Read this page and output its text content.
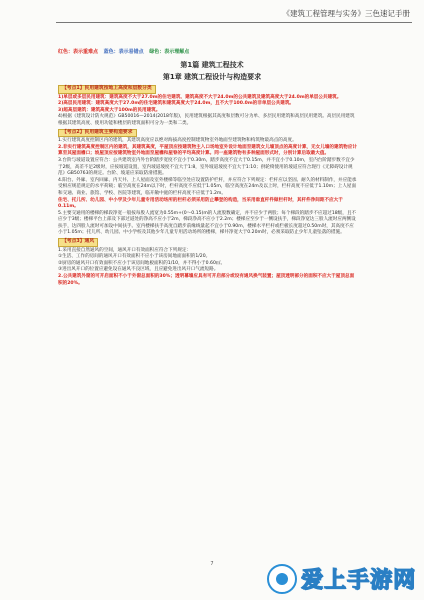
《建筑工程管理与实务》三色速记手册
红色：表示重难点 蓝色：表示易错点 绿色：表示理解点
第1篇 建筑工程技术
第1章 建筑工程设计与构造要求
【考点1】民用建筑按地上高度和层数分类

1)单层或多层民用建筑：建筑高度不大于27.0m的住宅建筑、建筑高度不大于24.0m的公共建筑及建筑高度大于24.0m的单层公共建筑。

2)高层民用建筑：建筑高度大于27.0m的住宅建筑和建筑高度大于24.0m，且不大于100.0m的非单层公共建筑。

3)超高层建筑：建筑高度大于100m的民用建筑。

4)根据《建筑设计防火规范》GB50016—2014(2018年版)，民用建筑根据其高度和层数可分为单、多层民用建筑和高层民用建筑。高层民用建筑根据其建筑高度、使用功能和楼层的建筑面积可分为一类和二类。

【考点2】民用建筑主要构造要求

1.实行建筑高度控制区内的建筑，其建筑高度应以绝对海拔高度控制建筑物室外地面至建筑物和构筑物最高点的高度。

2.非实行建筑高度控制区内的建筑，其建筑高度，平屋顶应按建筑物主入口场地室外设计地面至建筑女儿墙顶点的高度计算，无女儿墙的建筑物应计算至其屋面檐口；坡屋顶应按建筑物室外地面至屋檐和屋脊的平均高度计算。同一座建筑物有多种屋面形式时，分别计算后取最大值。

3.台阶与坡道设置应符合：公共建筑室内外台阶踏步宽度不宜小于0.30m，踏步高度不宜大于0.15m，并不宜小于0.10m，室内台阶踏步数不宜少于2级，高差不足2级时，应按坡道设置，室内坡道坡度不宜大于1:8，室外坡道坡度不宜大于1:10；供轮椅使用的坡道应符合现行《无障碍设计规范》GB50763的规定。台阶、坡道应采取防滑措施。

4.阳台、外廊、室内回廊、内天井、上人屋面及室外楼梯等临空处应设置防护栏杆，并应符合下列规定：栏杆应以坚固、耐久的材料制作，并应能承受相应规范规定的水平荷载；临空高度在24m以下时，栏杆高度不应低于1.05m，临空高度在24m及以上时，栏杆高度不应低于1.10m；上人屋面和交通、商业、旅馆、学校、医院等建筑，临开敞中庭的栏杆高度不应低于1.2m。

住宅、托儿所、幼儿园、中小学及少年儿童专用活动场所的栏杆必须采用防止攀登的构造，当采用垂直杆件做栏杆时，其杆件净间距不应大于0.11m。

5.主要交通用的楼梯的梯段净宽一般按每股人流宽为0.55m+(0～0.15)m的人流股数确定，并不应少于两股；每个梯段的踏步不应超过18级，且不应少于3级；楼梯平台上部及下部过道处的净高不应小于2m，梯段净高不应小于2.2m；楼梯应至少于一侧设扶手，梯段净宽达三股人流时应两侧设扶手，达四股人流时可加设中间扶手。室内楼梯扶手高度自踏步前缘线量起不宜小于0.90m，楼梯水平栏杆或栏板长度超过0.50m时，其高度不应小于1.05m；托儿所、幼儿园、中小学校及其他少年儿童专用活动场所的楼梯，梯井净宽大于0.20m时，必须采取防止少年儿童坠落的措施。

【考点3】通风

1.采用直接自然通风的空间，通风开口有效面积应符合下列规定：

①生活、工作的房间的通风开口有效面积不应小于该房间地面面积的1/20。

②厨房的通风开口有效面积不应小于该房间地板面积的1/10，并不得小于0.60㎡。

③进出风开口的位置应避免设在通风不良区域，且应避免进出风开口气流短路。

2.公共建筑外窗的可开启面积不小于外窗总面积的30%；透明幕墙应具有可开启部分或设有通风换气装置；屋顶透明部分的面积不应大于屋顶总面积的20%。

7
爱上手游网
